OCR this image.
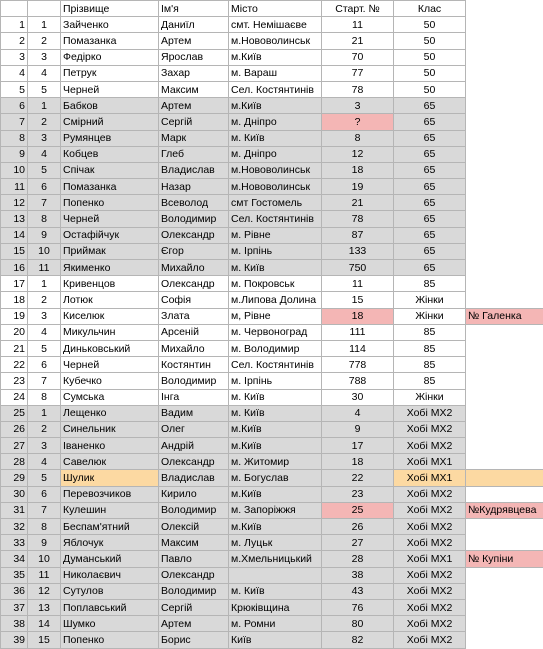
		Прізвище	Ім'я	Місто	Старт. №	Клас	
1	1	Зайченко	Даниїл	смт. Немішаєве	11	50	
2	2	Помазанка	Артем	м.Нововолинськ	21	50	
3	3	Федірко	Ярослав	м.Київ	70	50	
4	4	Петрук	Захар	м. Вараш	77	50	
5	5	Черней	Максим	Сел. Костянтинів	78	50	
6	1	Бабков	Артем	м.Київ	3	65	
7	2	Смірний	Сергій	м. Дніпро	?	65	
8	3	Румянцев	Марк	м. Київ	8	65	
9	4	Кобцев	Глеб	м. Дніпро	12	65	
10	5	Спічак	Владислав	м.Нововолинськ	18	65	
11	6	Помазанка	Назар	м.Нововолинськ	19	65	
12	7	Попенко	Всеволод	смт Гостомель	21	65	
13	8	Черней	Володимир	Сел. Костянтинів	78	65	
14	9	Остафійчук	Олександр	м. Рівне	87	65	
15	10	Приймак	Єгор	м. Ірпінь	133	65	
16	11	Якименко	Михайло	м. Київ	750	65	
17	1	Кривенцов	Олександр	м. Покровськ	11	85	
18	2	Лотюк	Софія	м.Липова Долина	15	Жінки	
19	3	Киселюк	Злата	м, Рівне	18	Жінки	№ Галенка
20	4	Микульчин	Арсеній	м. Червоноград	111	85	
21	5	Диньковський	Михайло	м. Володимир	114	85	
22	6	Черней	Костянтин	Сел. Костянтинів	778	85	
23	7	Кубечко	Володимир	м. Ірпінь	788	85	
24	8	Сумська	Інга	м. Київ	30	Жінки	
25	1	Лещенко	Вадим	м. Київ	4	Хобі МХ2	
26	2	Синельник	Олег	м.Київ	9	Хобі МХ2	
27	3	Іваненко	Андрій	м.Київ	17	Хобі МХ2	
28	4	Савелюк	Олександр	м. Житомир	18	Хобі МХ1	
29	5	Шулик	Владислав	м. Богуслав	22	Хобі МХ1	
30	6	Перевозчиков	Кирило	м.Київ	23	Хобі МХ2	
31	7	Кулешин	Володимир	м. Запоріжжя	25	Хобі МХ2	№Кудрявцева
32	8	Беспам'ятний	Олексій	м.Київ	26	Хобі МХ2	
33	9	Яблочук	Максим	м. Луцьк	27	Хобі МХ2	
34	10	Думанський	Павло	м.Хмельницький	28	Хобі МХ1	№ Купіни
35	11	Николаєвич	Олександр		38	Хобі МХ2	
36	12	Сутулов	Володимир	м. Київ	43	Хобі МХ2	
37	13	Поплавський	Сергій	Крюківщина	76	Хобі МХ2	
38	14	Шумко	Артем	м. Ромни	80	Хобі МХ2	
39	15	Попенко	Борис	Київ	82	Хобі МХ2	
